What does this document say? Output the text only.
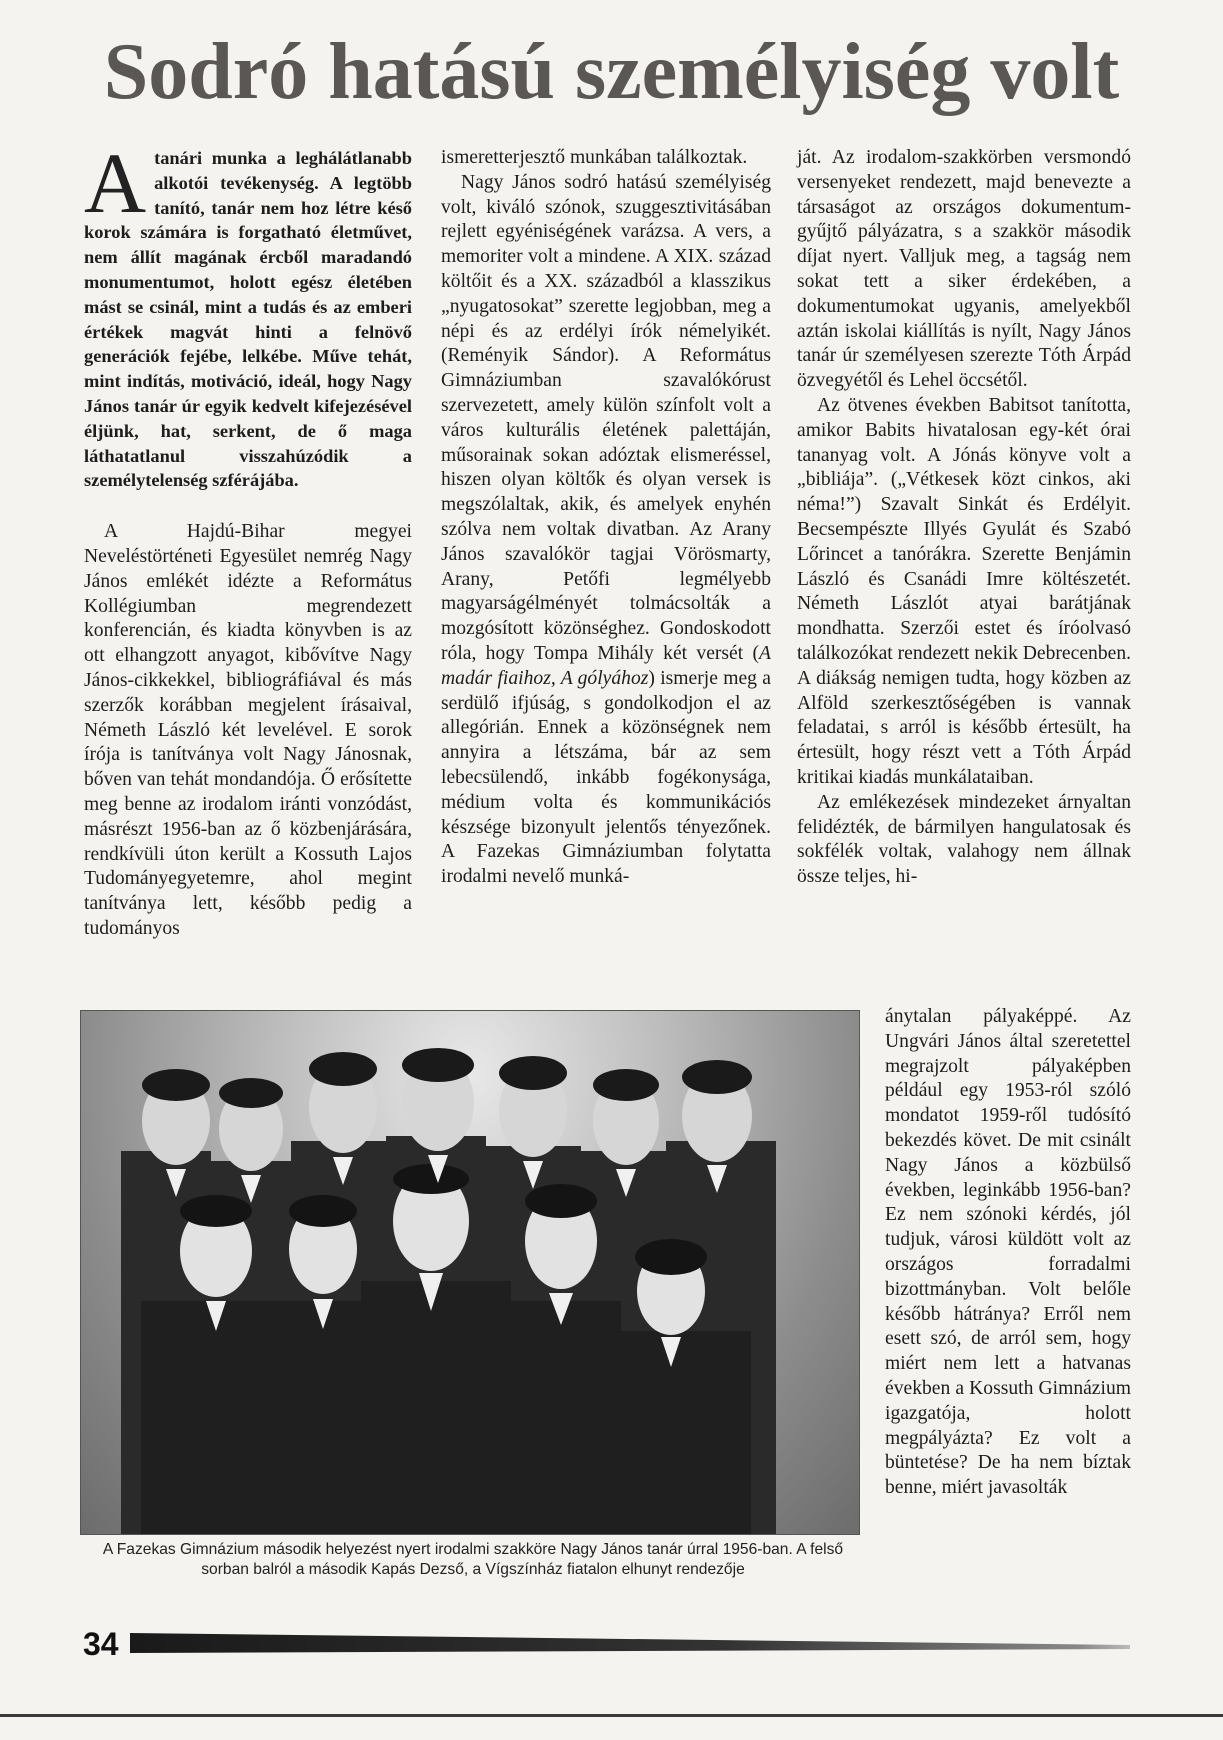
Sodró hatású személyiség volt

A tanári munka a leghálátlanabb alkotói tevékenység. A legtöbb tanító, tanár nem hoz létre késő korok számára is forgatható életművet, nem állít magának ércből maradandó monumentumot, holott egész életében mást se csinál, mint a tudás és az emberi értékek magvát hinti a felnövő generációk fejébe, lelkébe. Műve tehát, mint indítás, motiváció, ideál, hogy Nagy János tanár úr egyik kedvelt kifejezésével éljünk, hat, serkent, de ő maga láthatatlanul visszahúzódik a személytelenség szférájába.

A Hajdú-Bihar megyei Neveléstörténeti Egyesület nemrég Nagy János emlékét idézte a Református Kollégiumban megrendezett konferencián, és kiadta könyvben is az ott elhangzott anyagot, kibővítve Nagy János-cikkekkel, bibliográfiával és más szerzők korábban megjelent írásaival, Németh László két levelével. E sorok írója is tanítványa volt Nagy Jánosnak, bőven van tehát mondandója. Ő erősítette meg benne az irodalom iránti vonzódást, másrészt 1956-ban az ő közbenjárására, rendkívüli úton került a Kossuth Lajos Tudományegyetemre, ahol megint tanítványa lett, később pedig a tudományos

ismeretterjesztő munkában találkoztak.

Nagy János sodró hatású személyiség volt, kiváló szónok, szuggesztivitásában rejlett egyéniségének varázsa. A vers, a memoriter volt a mindene. A XIX. század költőit és a XX. századból a klasszikus „nyugatosokat” szerette legjobban, meg a népi és az erdélyi írók némelyikét. (Reményik Sándor). A Református Gimnáziumban szavalókórust szervezetett, amely külön színfolt volt a város kulturális életének palettáján, műsorainak sokan adóztak elismeréssel, hiszen olyan költők és olyan versek is megszólaltak, akik, és amelyek enyhén szólva nem voltak divatban. Az Arany János szavalókör tagjai Vörösmarty, Arany, Petőfi legmélyebb magyarságélményét tolmácsolták a mozgósított közönséghez. Gondoskodott róla, hogy Tompa Mihály két versét (A madár fiaihoz, A gólyához) ismerje meg a serdülő ifjúság, s gondolkodjon el az allegórián. Ennek a közönségnek nem annyira a létszáma, bár az sem lebecsülendő, inkább fogékonysága, médium volta és kommunikációs készsége bizonyult jelentős tényezőnek. A Fazekas Gimnáziumban folytatta irodalmi nevelő munká-

ját. Az irodalom-szakkörben versmondó versenyeket rendezett, majd benevezte a társaságot az országos dokumentum-gyűjtő pályázatra, s a szakkör második díjat nyert. Valljuk meg, a tagság nem sokat tett a siker érdekében, a dokumentumokat ugyanis, amelyekből aztán iskolai kiállítás is nyílt, Nagy János tanár úr személyesen szerezte Tóth Árpád özvegyétől és Lehel öccsétől.

Az ötvenes években Babitsot tanította, amikor Babits hivatalosan egy-két órai tananyag volt. A Jónás könyve volt a „bibliája”. („Vétkesek közt cinkos, aki néma!”) Szavalt Sinkát és Erdélyit. Becsempészte Illyés Gyulát és Szabó Lőrincet a tanórákra. Szerette Benjámin László és Csanádi Imre költészetét. Németh Lászlót atyai barátjának mondhatta. Szerzői estet és íróolvasó találkozókat rendezett nekik Debrecenben. A diákság nemigen tudta, hogy közben az Alföld szerkesztőségében is vannak feladatai, s arról is később értesült, ha értesült, hogy részt vett a Tóth Árpád kritikai kiadás munkálataiban.

Az emlékezések mindezeket árnyaltan felidézték, de bármilyen hangulatosak és sokfélék voltak, valahogy nem állnak össze teljes, hi-

A Fazekas Gimnázium második helyezést nyert irodalmi szakköre Nagy János tanár úrral 1956-ban. A felső sorban balról a második Kapás Dezső, a Vígszínház fiatalon elhunyt rendezője

ánytalan pályaképpé. Az Ungvári János által szeretettel megrajzolt pályaképben például egy 1953-ról szóló mondatot 1959-ről tudósító bekezdés követ. De mit csinált Nagy János a közbülső években, leginkább 1956-ban? Ez nem szónoki kérdés, jól tudjuk, városi küldött volt az országos forradalmi bizottmányban. Volt belőle később hátránya? Erről nem esett szó, de arról sem, hogy miért nem lett a hatvanas években a Kossuth Gimnázium igazgatója, holott megpályázta? Ez volt a büntetése? De ha nem bíztak benne, miért javasolták

34
